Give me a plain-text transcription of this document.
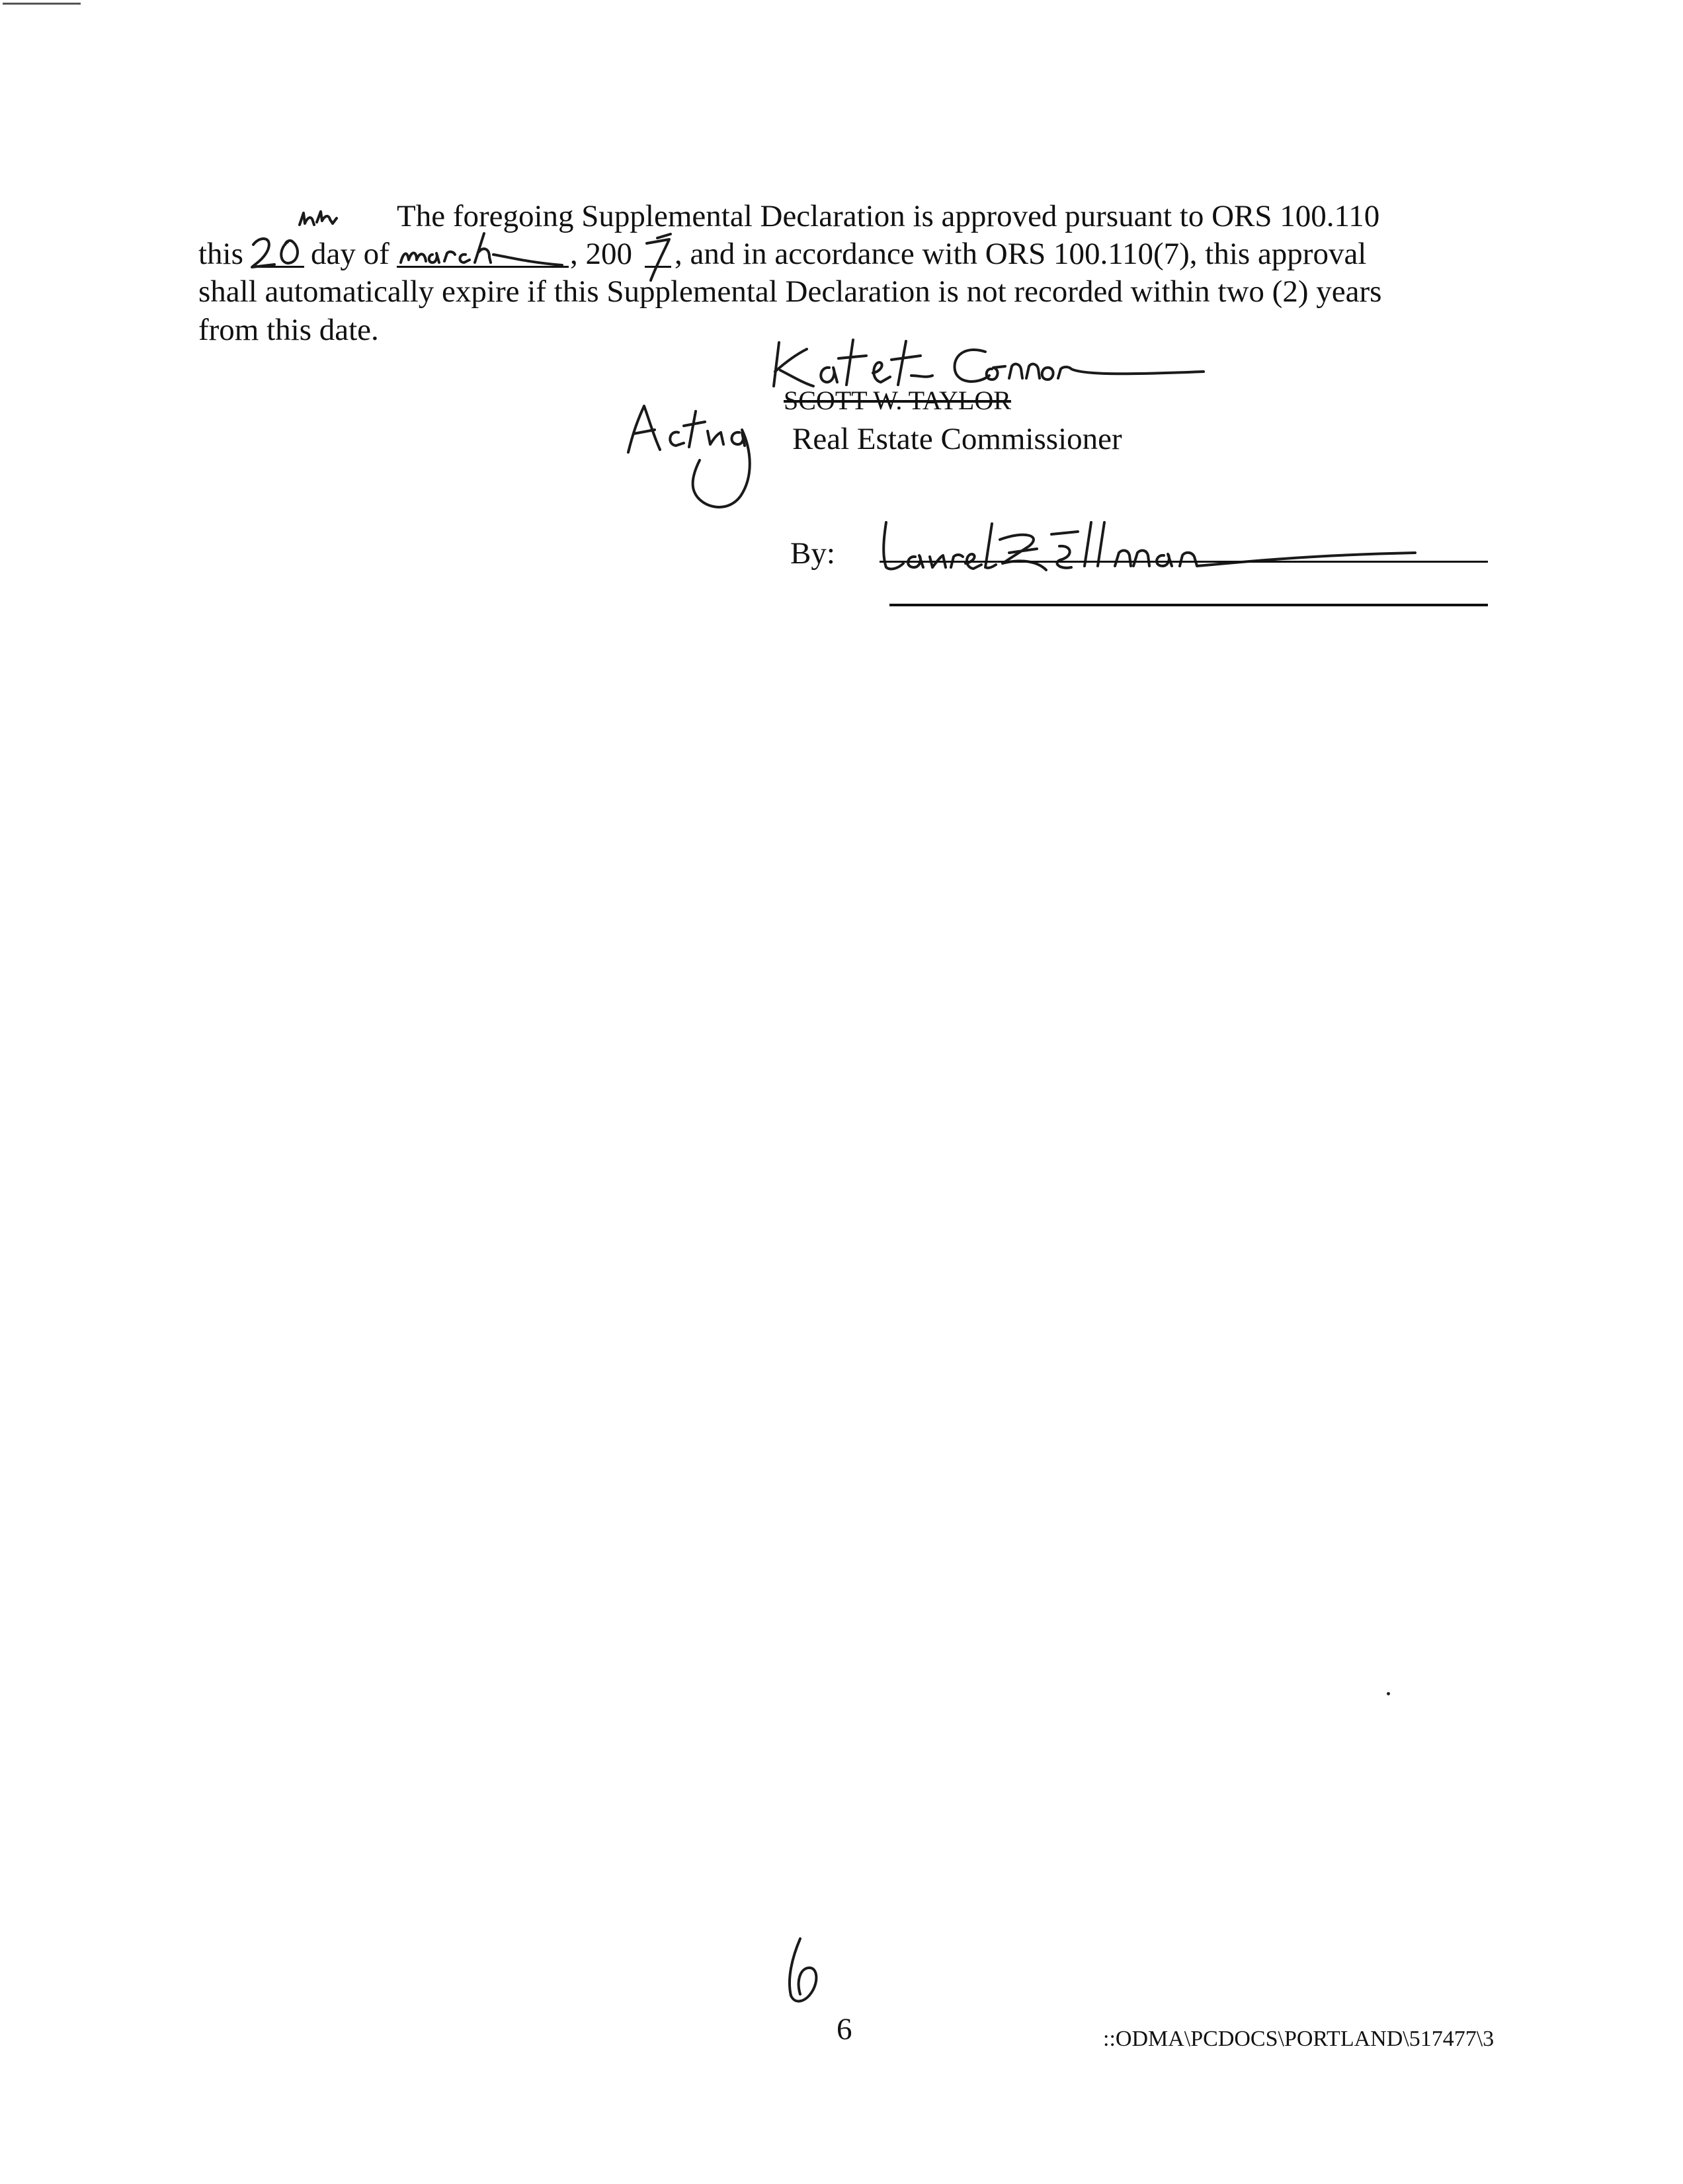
The foregoing Supplemental Declaration is approved pursuant to ORS 100.110
this day of	, 200 , and in accordance with ORS 100.110(7), this approval
shall automatically expire if this Supplemental Declaration is not recorded within two (2) years
from this date.
SCOTT W. TAYLOR
Real Estate Commissioner
By:
6	::ODMA\PCDOCS\PORTLAND\517477\3
